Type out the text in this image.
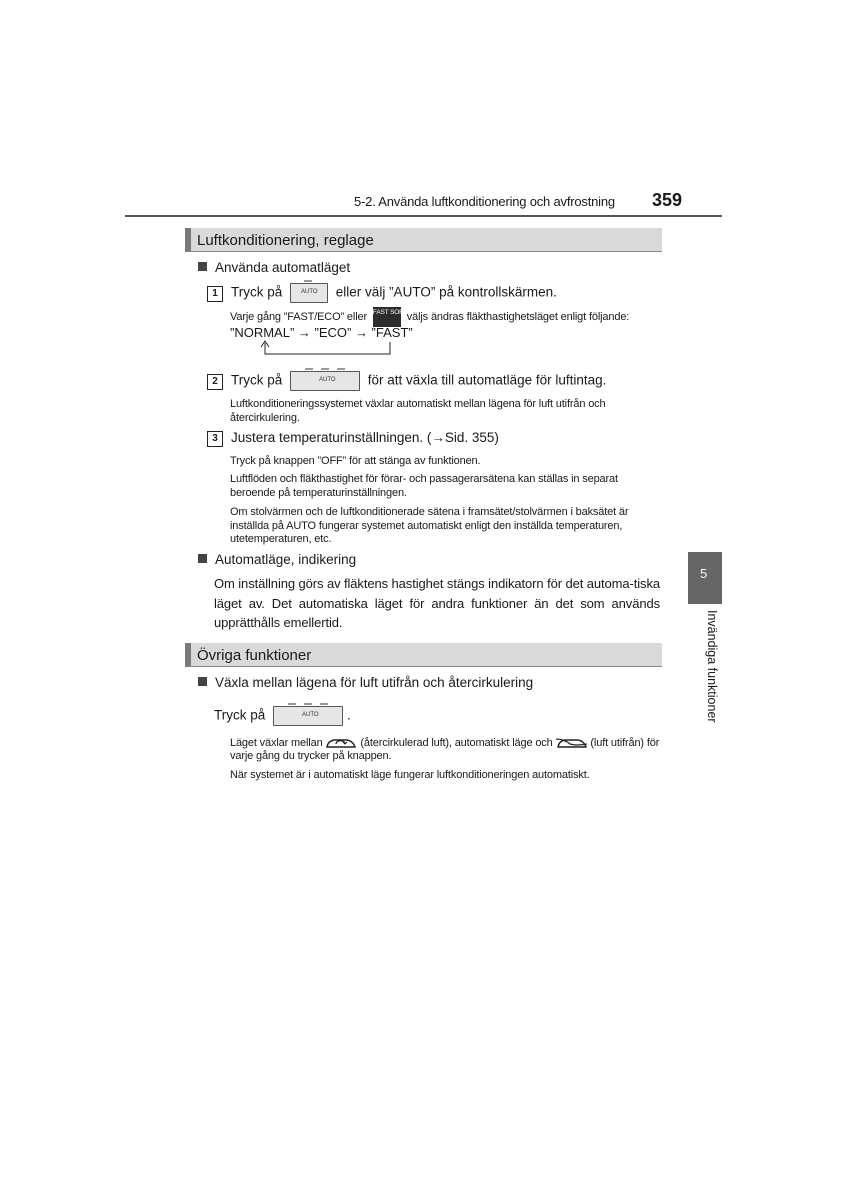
5-2. Använda luftkonditionering och avfrostning 359
5
Invändiga funktioner
Luftkonditionering, reglage
Använda automatläget
1 Tryck på	AUTO eller välj ”AUTO” på kontrollskärmen.
Varje gång ”FAST/ECO” eller FAST SOFT väljs ändras fläkthastighetsläget enligt följande:
”NORMAL” → ”ECO” → ”FAST”
2 Tryck på	AUTO för att växla till automatläge för luftintag.
Luftkonditioneringssystemet växlar automatiskt mellan lägena för luft utifrån och återcirkulering.
3 Justera temperaturinställningen. (→Sid. 355)
Tryck på knappen ”OFF” för att stänga av funktionen.
Luftflöden och fläkthastighet för förar- och passagerarsätena kan ställas in separat beroende på temperaturinställningen.
Om stolvärmen och de luftkonditionerade sätena i framsätet/stolvärmen i baksätet är inställda på AUTO fungerar systemet automatiskt enligt den inställda temperaturen, utetemperaturen, etc.
Automatläge, indikering
Om inställning görs av fläktens hastighet stängs indikatorn för det automa-tiska läget av. Det automatiska läget för andra funktioner än det som används upprätthålls emellertid.
Övriga funktioner
Växla mellan lägena för luft utifrån och återcirkulering
Tryck på	AUTO .
Läget växlar mellan	(återcirkulerad luft), automatiskt läge och	(luft utifrån) för varje gång du trycker på knappen.
När systemet är i automatiskt läge fungerar luftkonditioneringen automatiskt.
